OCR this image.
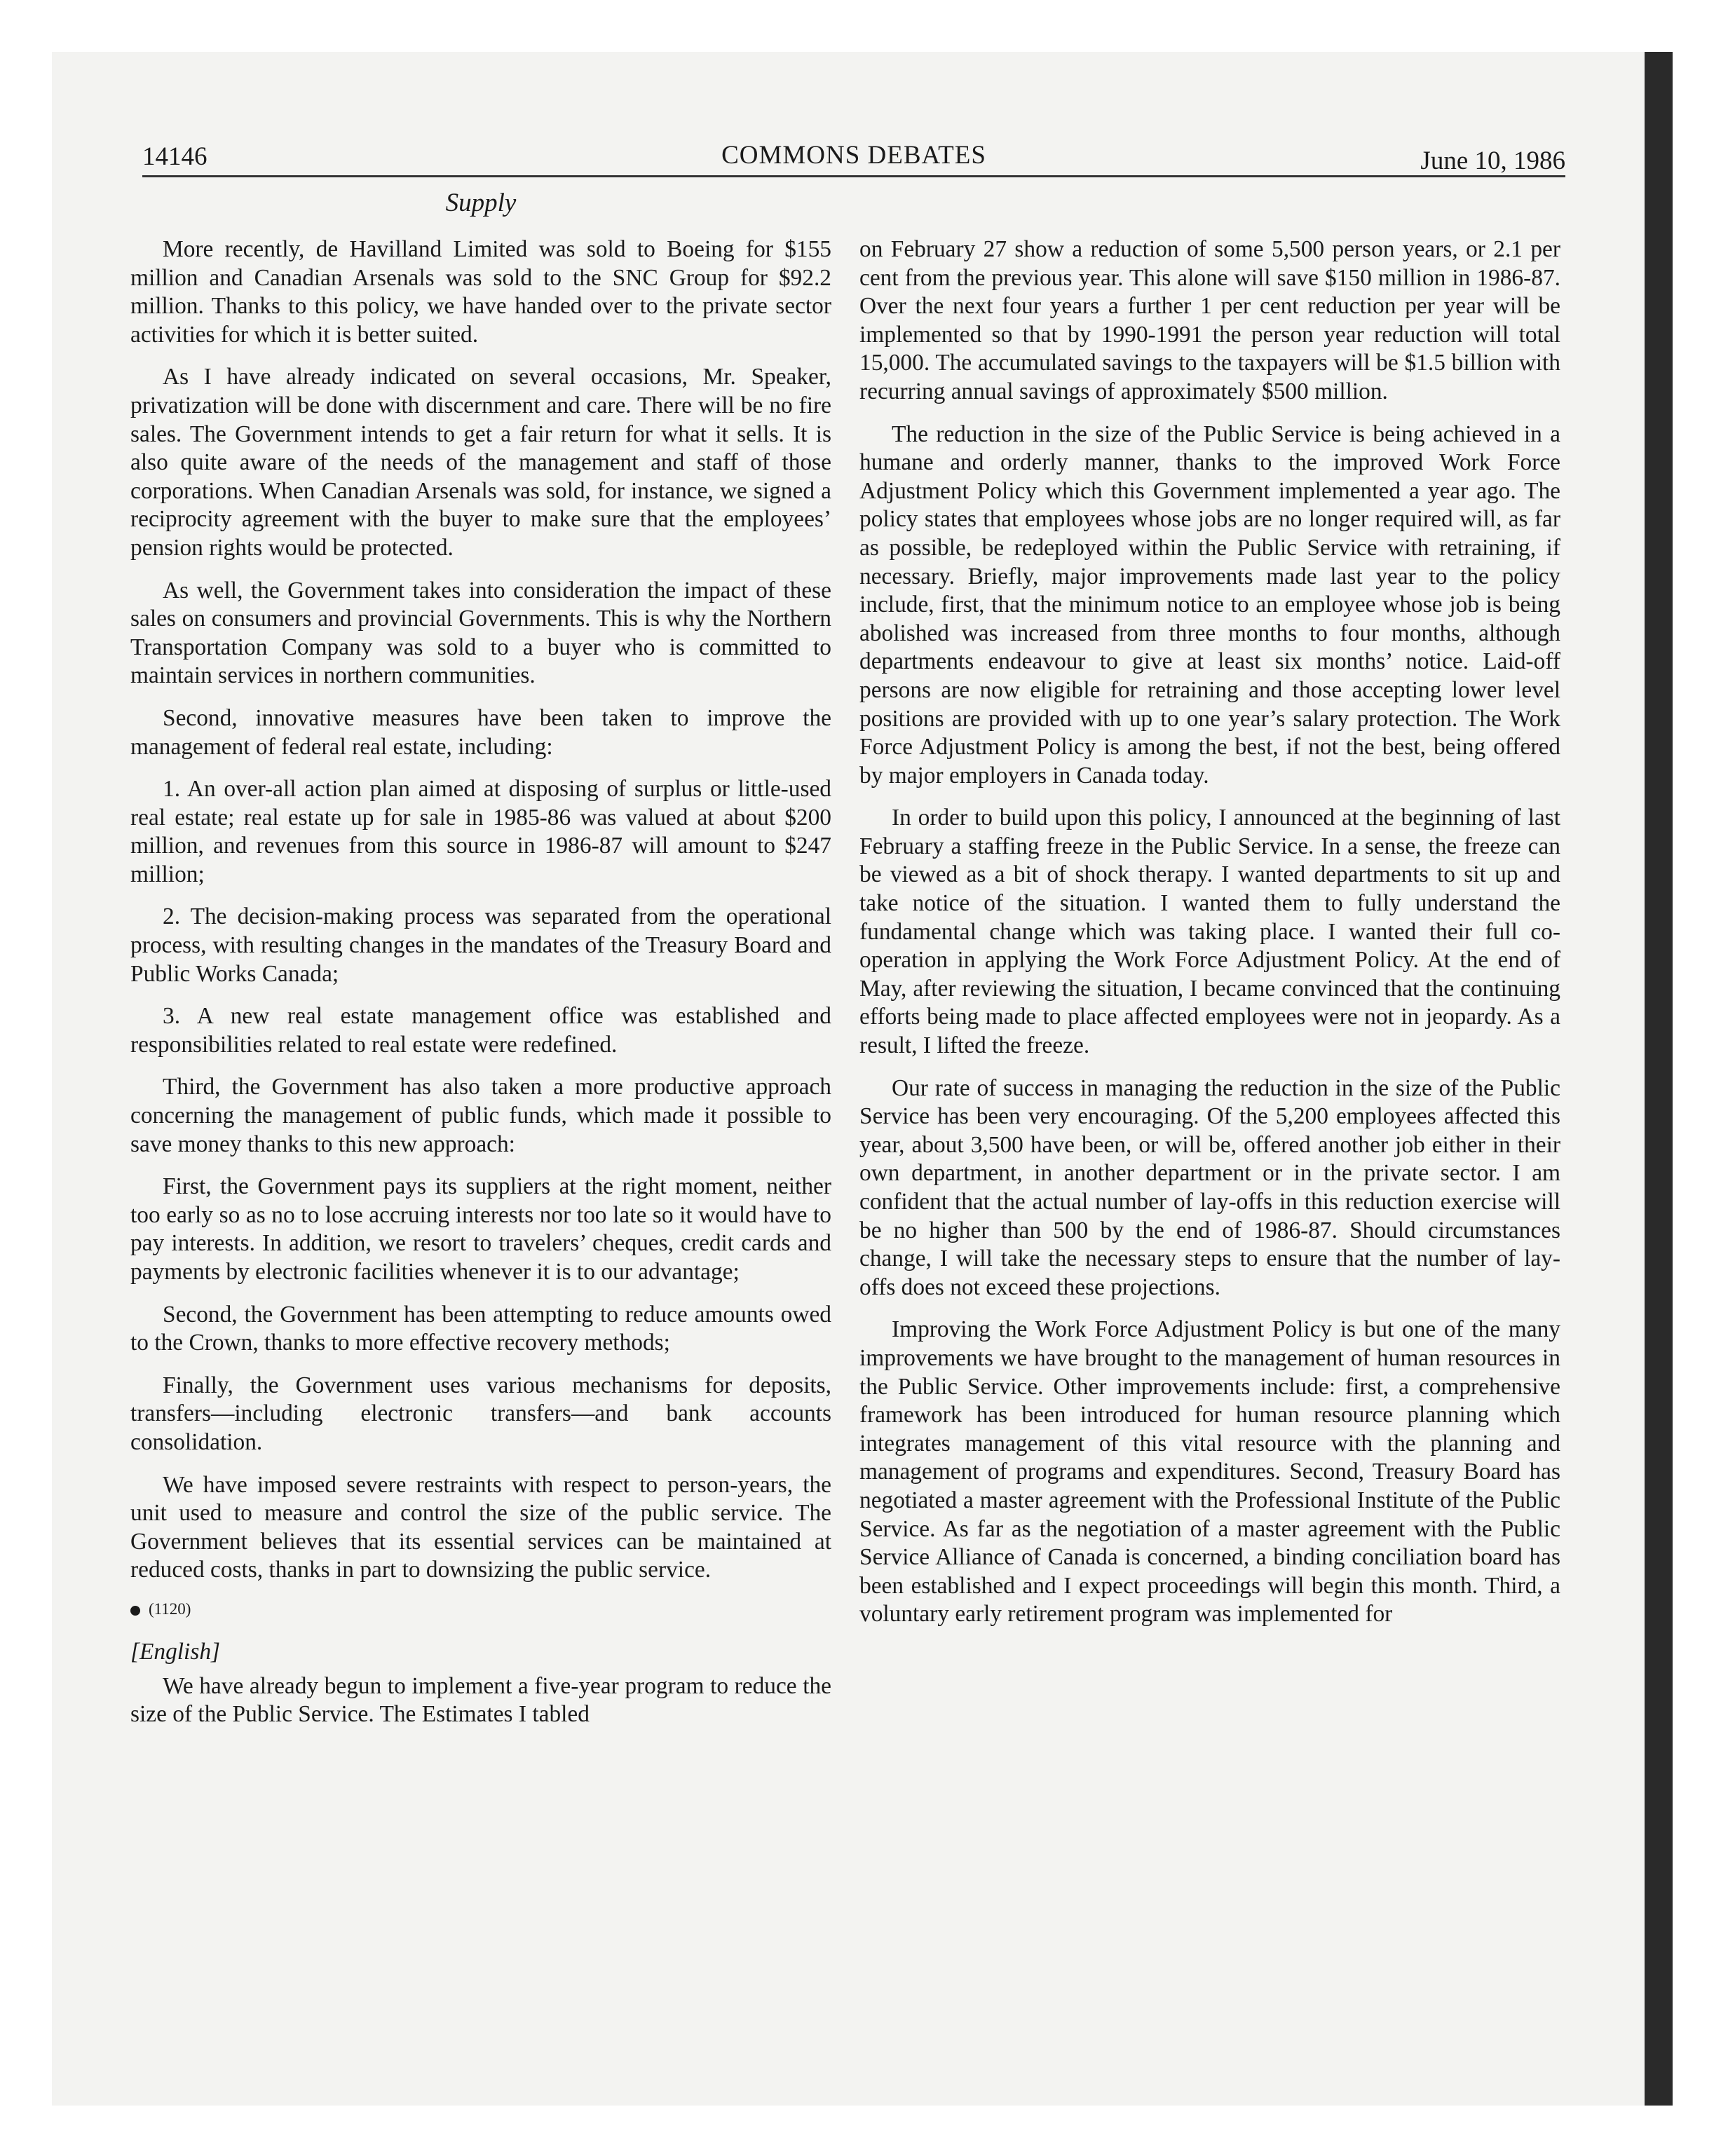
14146	COMMONS DEBATES	June 10, 1986
Supply

More recently, de Havilland Limited was sold to Boeing for $155 million and Canadian Arsenals was sold to the SNC Group for $92.2 million. Thanks to this policy, we have handed over to the private sector activities for which it is better suited.

As I have already indicated on several occasions, Mr. Speaker, privatization will be done with discernment and care. There will be no fire sales. The Government intends to get a fair return for what it sells. It is also quite aware of the needs of the management and staff of those corporations. When Canadian Arsenals was sold, for instance, we signed a reciprocity agreement with the buyer to make sure that the employees’ pension rights would be protected.

As well, the Government takes into consideration the impact of these sales on consumers and provincial Governments. This is why the Northern Transportation Company was sold to a buyer who is committed to maintain services in northern communities.

Second, innovative measures have been taken to improve the management of federal real estate, including:

1. An over-all action plan aimed at disposing of surplus or little-used real estate; real estate up for sale in 1985-86 was valued at about $200 million, and revenues from this source in 1986-87 will amount to $247 million;

2. The decision-making process was separated from the operational process, with resulting changes in the mandates of the Treasury Board and Public Works Canada;

3. A new real estate management office was established and responsibilities related to real estate were redefined.

Third, the Government has also taken a more productive approach concerning the management of public funds, which made it possible to save money thanks to this new approach:

First, the Government pays its suppliers at the right moment, neither too early so as no to lose accruing interests nor too late so it would have to pay interests. In addition, we resort to travelers’ cheques, credit cards and payments by electronic facilities whenever it is to our advantage;

Second, the Government has been attempting to reduce amounts owed to the Crown, thanks to more effective recovery methods;

Finally, the Government uses various mechanisms for deposits, transfers—including electronic transfers—and bank accounts consolidation.

We have imposed severe restraints with respect to person-years, the unit used to measure and control the size of the public service. The Government believes that its essential services can be maintained at reduced costs, thanks in part to downsizing the public service.

(1120)
[English]

We have already begun to implement a five-year program to reduce the size of the Public Service. The Estimates I tabled

on February 27 show a reduction of some 5,500 person years, or 2.1 per cent from the previous year. This alone will save $150 million in 1986-87. Over the next four years a further 1 per cent reduction per year will be implemented so that by 1990-1991 the person year reduction will total 15,000. The accumulated savings to the taxpayers will be $1.5 billion with recurring annual savings of approximately $500 million.

The reduction in the size of the Public Service is being achieved in a humane and orderly manner, thanks to the improved Work Force Adjustment Policy which this Government implemented a year ago. The policy states that employees whose jobs are no longer required will, as far as possible, be redeployed within the Public Service with retraining, if necessary. Briefly, major improvements made last year to the policy include, first, that the minimum notice to an employee whose job is being abolished was increased from three months to four months, although departments endeavour to give at least six months’ notice. Laid-off persons are now eligible for retraining and those accepting lower level positions are provided with up to one year’s salary protection. The Work Force Adjustment Policy is among the best, if not the best, being offered by major employers in Canada today.

In order to build upon this policy, I announced at the beginning of last February a staffing freeze in the Public Service. In a sense, the freeze can be viewed as a bit of shock therapy. I wanted departments to sit up and take notice of the situation. I wanted them to fully understand the fundamental change which was taking place. I wanted their full co-operation in applying the Work Force Adjustment Policy. At the end of May, after reviewing the situation, I became convinced that the continuing efforts being made to place affected employees were not in jeopardy. As a result, I lifted the freeze.

Our rate of success in managing the reduction in the size of the Public Service has been very encouraging. Of the 5,200 employees affected this year, about 3,500 have been, or will be, offered another job either in their own department, in another department or in the private sector. I am confident that the actual number of lay-offs in this reduction exercise will be no higher than 500 by the end of 1986-87. Should circumstances change, I will take the necessary steps to ensure that the number of lay-offs does not exceed these projections.

Improving the Work Force Adjustment Policy is but one of the many improvements we have brought to the management of human resources in the Public Service. Other improvements include: first, a comprehensive framework has been introduced for human resource planning which integrates management of this vital resource with the planning and management of programs and expenditures. Second, Treasury Board has negotiated a master agreement with the Professional Institute of the Public Service. As far as the negotiation of a master agreement with the Public Service Alliance of Canada is concerned, a binding conciliation board has been established and I expect proceedings will begin this month. Third, a voluntary early retirement program was implemented for
